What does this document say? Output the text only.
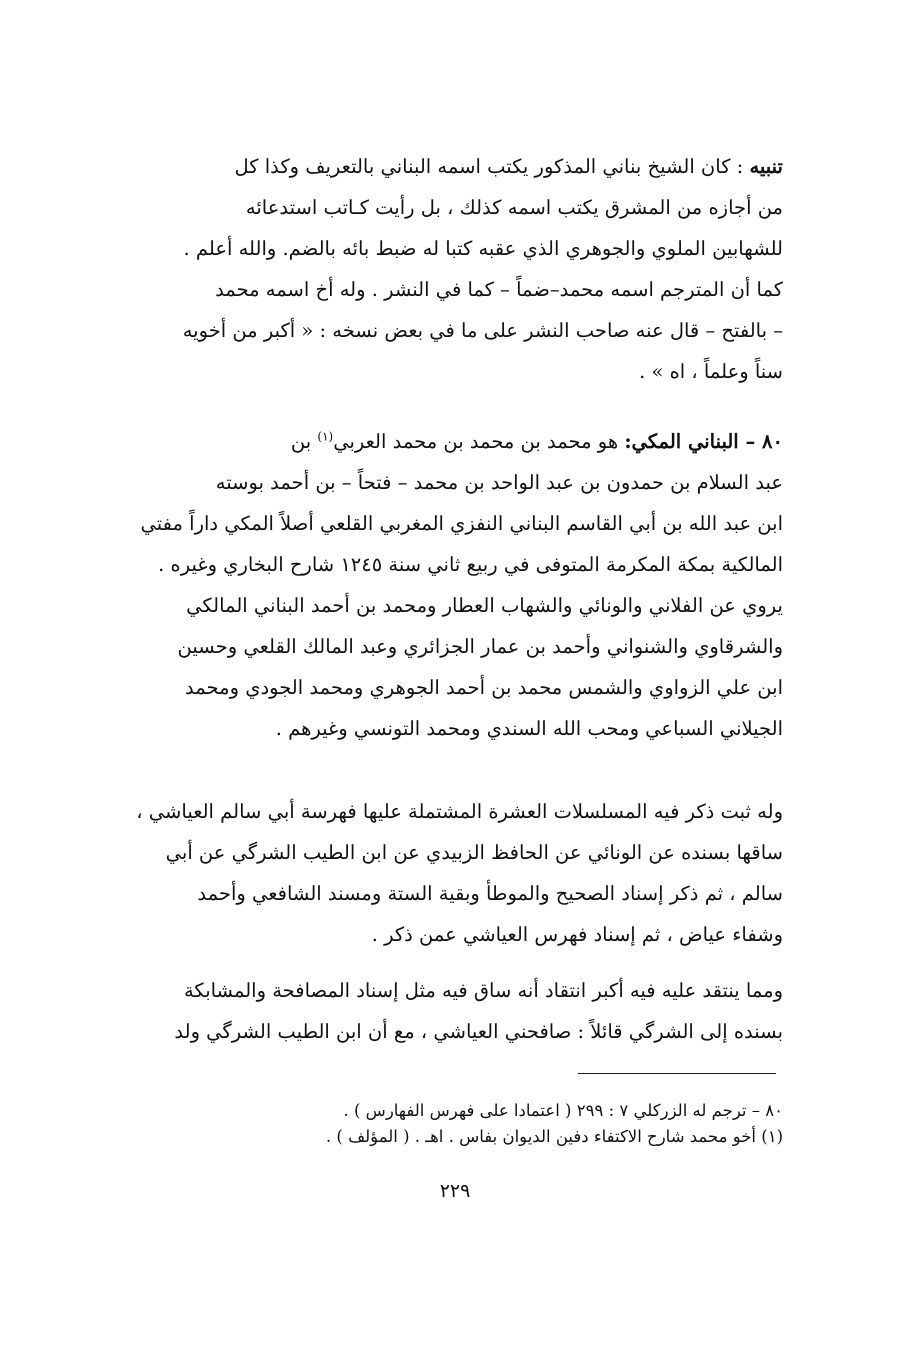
تنبيه : كان الشيخ بناني المذكور يكتب اسمه البناني بالتعريف وكذا كل
من أجازه من المشرق يكتب اسمه كذلك ، بل رأيت كـاتب استدعائه
للشهابين الملوي والجوهري الذي عقبه كتبا له ضبط بائه بالضم. والله أعلم .
كما أن المترجم اسمه محمد–ضماً – كما في النشر . وله أخ اسمه محمد
– بالفتح – قال عنه صاحب النشر على ما في بعض نسخه : « أكبر من أخويه
سناً وعلماً ، اه » .
٨٠ – البناني المكي: هو محمد بن محمد بن محمد العربي$^{(١)}$ بن
عبد السلام بن حمدون بن عبد الواحد بن محمد – فتحاً – بن أحمد بوسته
ابن عبد الله بن أبي القاسم البناني النفزي المغربي القلعي أصلاً المكي داراً مفتي
المالكية بمكة المكرمة المتوفى في ربيع ثاني سنة ١٢٤٥ شارح البخاري وغيره .
يروي عن الفلاني والونائي والشهاب العطار ومحمد بن أحمد البناني المالكي
والشرقاوي والشنواني وأحمد بن عمار الجزائري وعبد المالك القلعي وحسين
ابن علي الزواوي والشمس محمد بن أحمد الجوهري ومحمد الجودي ومحمد
الجيلاني السباعي ومحب الله السندي ومحمد التونسي وغيرهم .
وله ثبت ذكر فيه المسلسلات العشرة المشتملة عليها فهرسة أبي سالم العياشي ،
ساقها بسنده عن الونائي عن الحافظ الزبيدي عن ابن الطيب الشرگي عن أبي
سالم ، ثم ذكر إسناد الصحيح والموطأ وبقية الستة ومسند الشافعي وأحمد
وشفاء عياض ، ثم إسناد فهرس العياشي عمن ذكر .
ومما ينتقد عليه فيه أكبر انتقاد أنه ساق فيه مثل إسناد المصافحة والمشابكة
بسنده إلى الشرگي قائلاً : صافحني العياشي ، مع أن ابن الطيب الشرگي ولد
٨٠ – ترجم له الزركلي ٧ : ٢٩٩ ( اعتمادا على فهرس الفهارس ) .
(١) أخو محمد شارح الاكتفاء دفين الديوان بفاس . اهـ . ( المؤلف ) .
٢٢٩
